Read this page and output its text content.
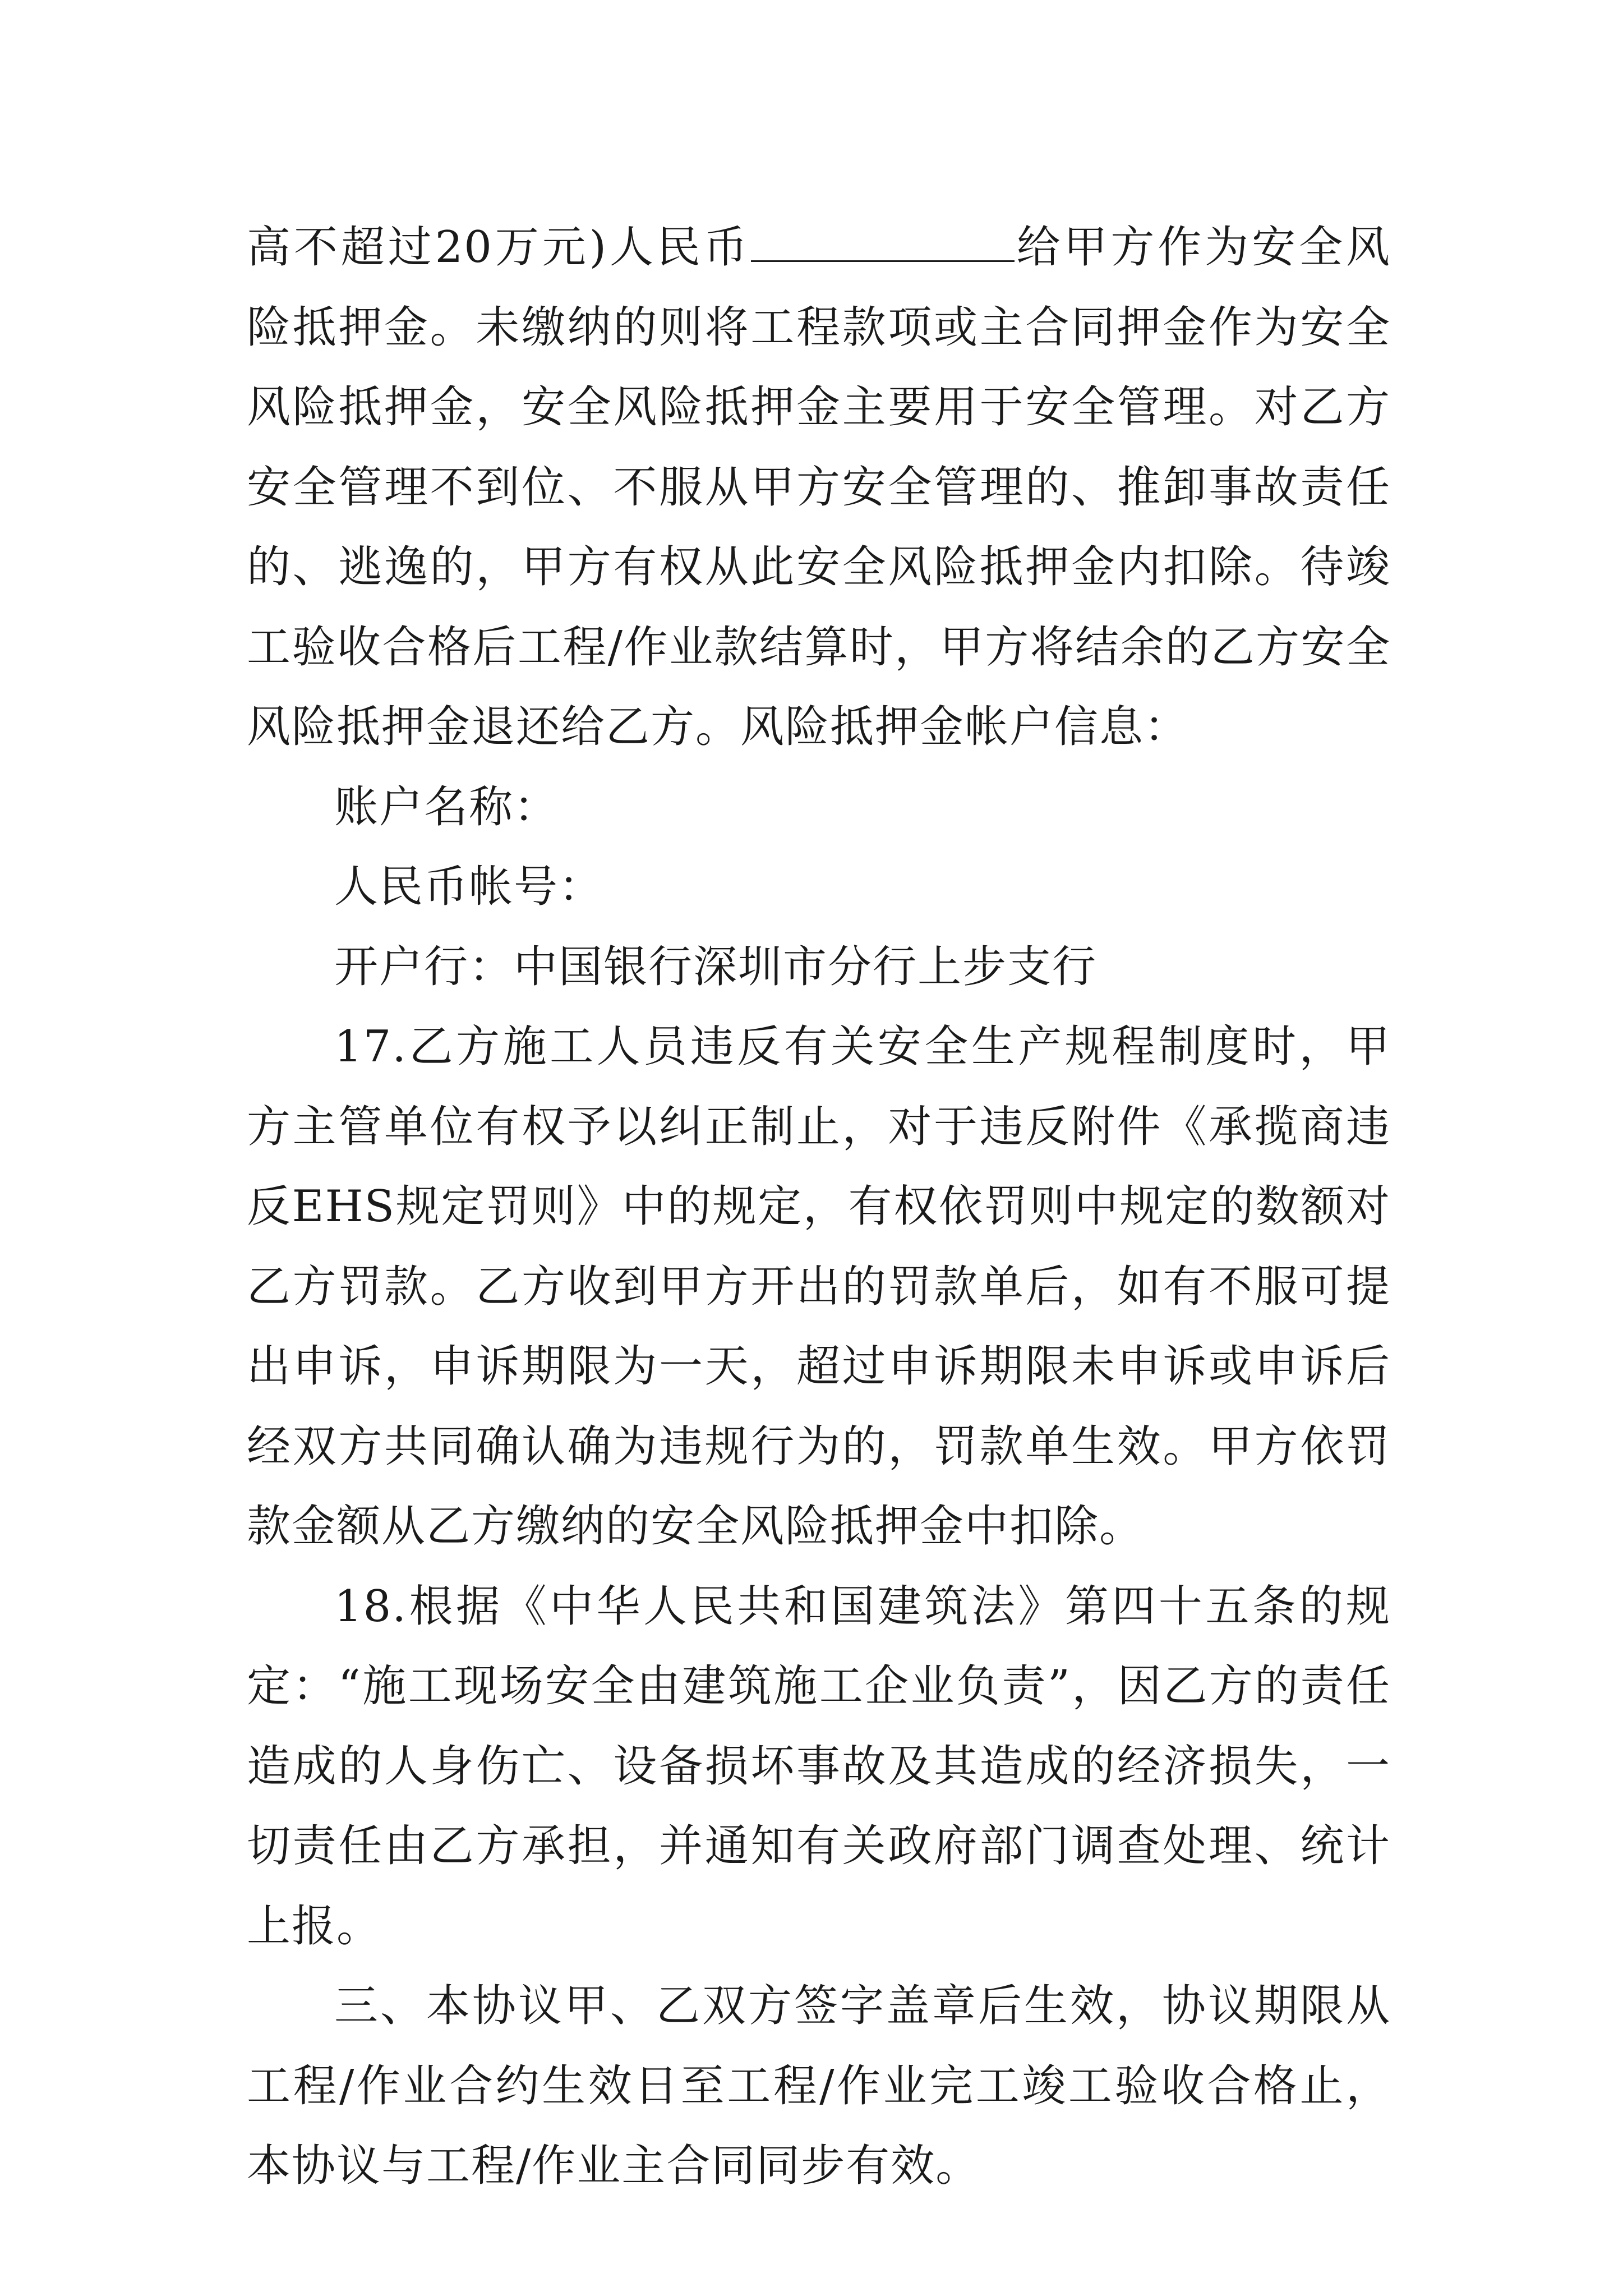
高不超过20万元)人民币	给甲方作为安全风险抵押金。未缴纳的则将工程款项或主合同押金作为安全风险抵押金，安全风险抵押金主要用于安全管理。对乙方安全管理不到位、不服从甲方安全管理的、推卸事故责任的、逃逸的，甲方有权从此安全风险抵押金内扣除。待竣工验收合格后工程/作业款结算时，甲方将结余的乙方安全风险抵押金退还给乙方。风险抵押金帐户信息：

账户名称：

人民币帐号：

开户行：中国银行深圳市分行上步支行

17.乙方施工人员违反有关安全生产规程制度时，甲方主管单位有权予以纠正制止，对于违反附件《承揽商违反EHS规定罚则》中的规定，有权依罚则中规定的数额对乙方罚款。乙方收到甲方开出的罚款单后，如有不服可提出申诉，申诉期限为一天，超过申诉期限未申诉或申诉后经双方共同确认确为违规行为的，罚款单生效。甲方依罚款金额从乙方缴纳的安全风险抵押金中扣除。

18.根据《中华人民共和国建筑法》第四十五条的规定：“施工现场安全由建筑施工企业负责”，因乙方的责任造成的人身伤亡、设备损坏事故及其造成的经济损失，一切责任由乙方承担，并通知有关政府部门调查处理、统计上报。

三、本协议甲、乙双方签字盖章后生效，协议期限从工程/作业合约生效日至工程/作业完工竣工验收合格止，本协议与工程/作业主合同同步有效。
